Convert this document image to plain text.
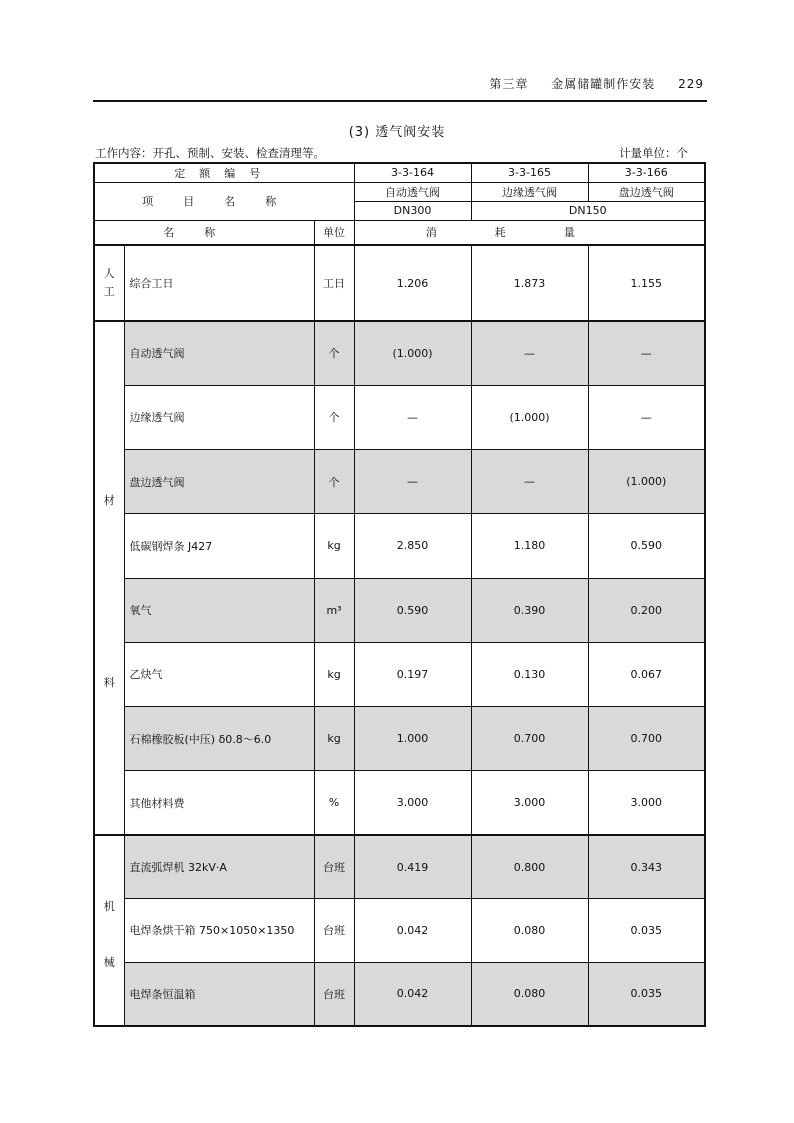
第三章 金属储罐制作安装 229
(3) 透气阀安装
工作内容：开孔、预制、安装、检查清理等。	计量单位：个
定额编号			3-3-164	3-3-165	3-3-166
项目名称			自动透气阀	边缘透气阀	盘边透气阀
			DN300	DN150	
名称		单位	消耗量		
人工	综合工日	工日	1.206	1.873	1.155

材
料	自动透气阀	个	(1.000)	—	—
	边缘透气阀	个	—	(1.000)	—
	盘边透气阀	个	—	—	(1.000)
	低碳钢焊条 J427	kg	2.850	1.180	0.590
	氧气	m³	0.590	0.390	0.200
	乙炔气	kg	0.197	0.130	0.067
	石棉橡胶板(中压) δ0.8～6.0	kg	1.000	0.700	0.700
	其他材料费	%	3.000	3.000	3.000

机
械	直流弧焊机 32kV·A	台班	0.419	0.800	0.343
	电焊条烘干箱 750×1050×1350	台班	0.042	0.080	0.035
	电焊条恒温箱	台班	0.042	0.080	0.035
